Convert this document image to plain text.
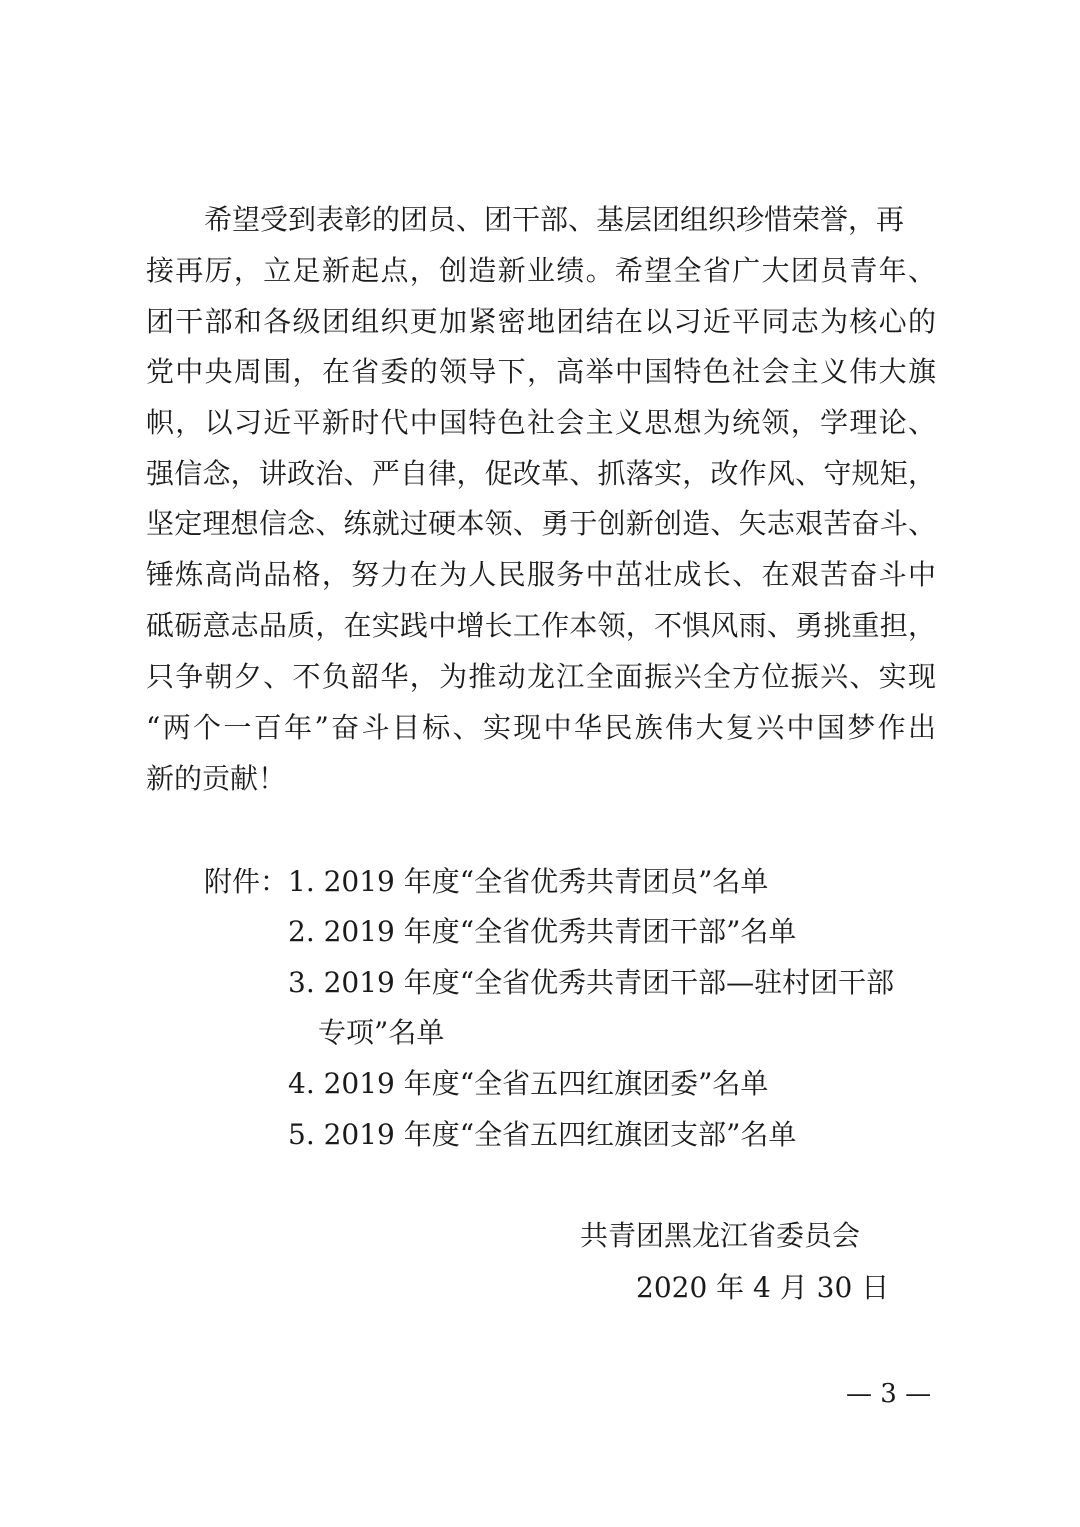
希望受到表彰的团员、团干部、基层团组织珍惜荣誉，再
接再厉，立足新起点，创造新业绩。希望全省广大团员青年、
团干部和各级团组织更加紧密地团结在以习近平同志为核心的
党中央周围，在省委的领导下，高举中国特色社会主义伟大旗
帜，以习近平新时代中国特色社会主义思想为统领，学理论、
强信念，讲政治、严自律，促改革、抓落实，改作风、守规矩，
坚定理想信念、练就过硬本领、勇于创新创造、矢志艰苦奋斗、
锤炼高尚品格，努力在为人民服务中茁壮成长、在艰苦奋斗中
砥砺意志品质，在实践中增长工作本领，不惧风雨、勇挑重担，
只争朝夕、不负韶华，为推动龙江全面振兴全方位振兴、实现
“两个一百年”奋斗目标、实现中华民族伟大复兴中国梦作出
新的贡献！
附件： 1. 2019 年度“全省优秀共青团员”名单
2. 2019 年度“全省优秀共青团干部”名单
3. 2019 年度“全省优秀共青团干部—驻村团干部
专项”名单
4. 2019 年度“全省五四红旗团委”名单
5. 2019 年度“全省五四红旗团支部”名单
共青团黑龙江省委员会
2020 年 4 月 30 日
— 3 —
